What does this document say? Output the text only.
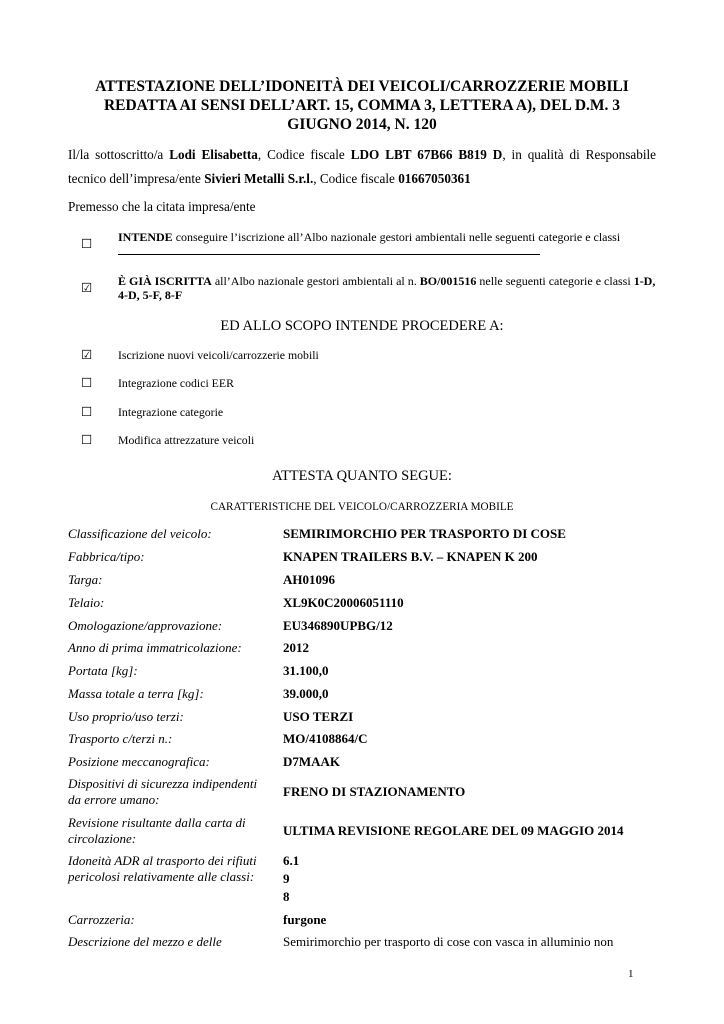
ATTESTAZIONE DELL’IDONEITÀ DEI VEICOLI/CARROZZERIE MOBILI
REDATTA AI SENSI DELL’ART. 15, COMMA 3, LETTERA A), DEL D.M. 3
GIUGNO 2014, N. 120
Il/la sottoscritto/a Lodi Elisabetta, Codice fiscale LDO LBT 67B66 B819 D, in qualità di Responsabile tecnico dell’impresa/ente Sivieri Metalli S.r.l., Codice fiscale 01667050361
Premesso che la citata impresa/ente
☐ INTENDE conseguire l’iscrizione all’Albo nazionale gestori ambientali nelle seguenti categorie e classi
☑ È GIÀ ISCRITTA all’Albo nazionale gestori ambientali al n. BO/001516 nelle seguenti categorie e classi 1-D, 4-D, 5-F, 8-F
ED ALLO SCOPO INTENDE PROCEDERE A:
☑ Iscrizione nuovi veicoli/carrozzerie mobili
☐ Integrazione codici EER
☐ Integrazione categorie
☐ Modifica attrezzature veicoli
ATTESTA QUANTO SEGUE:
CARATTERISTICHE DEL VEICOLO/CARROZZERIA MOBILE
Classificazione del veicolo:	SEMIRIMORCHIO PER TRASPORTO DI COSE
Fabbrica/tipo:	KNAPEN TRAILERS B.V. – KNAPEN K 200
Targa:	AH01096
Telaio:	XL9K0C20006051110
Omologazione/approvazione:	EU346890UPBG/12
Anno di prima immatricolazione:	2012
Portata [kg]:	31.100,0
Massa totale a terra [kg]:	39.000,0
Uso proprio/uso terzi:	USO TERZI
Trasporto c/terzi n.:	MO/4108864/C
Posizione meccanografica:	D7MAAK
Dispositivi di sicurezza indipendenti da errore umano:
FRENO DI STAZIONAMENTO
Revisione risultante dalla carta di circolazione:
ULTIMA REVISIONE REGOLARE DEL 09 MAGGIO 2014
Idoneità ADR al trasporto dei rifiuti pericolosi relativamente alle classi:
6.1
9
8
Carrozzeria:	furgone
Descrizione del mezzo e delle	Semirimorchio per trasporto di cose con vasca in alluminio non
1
